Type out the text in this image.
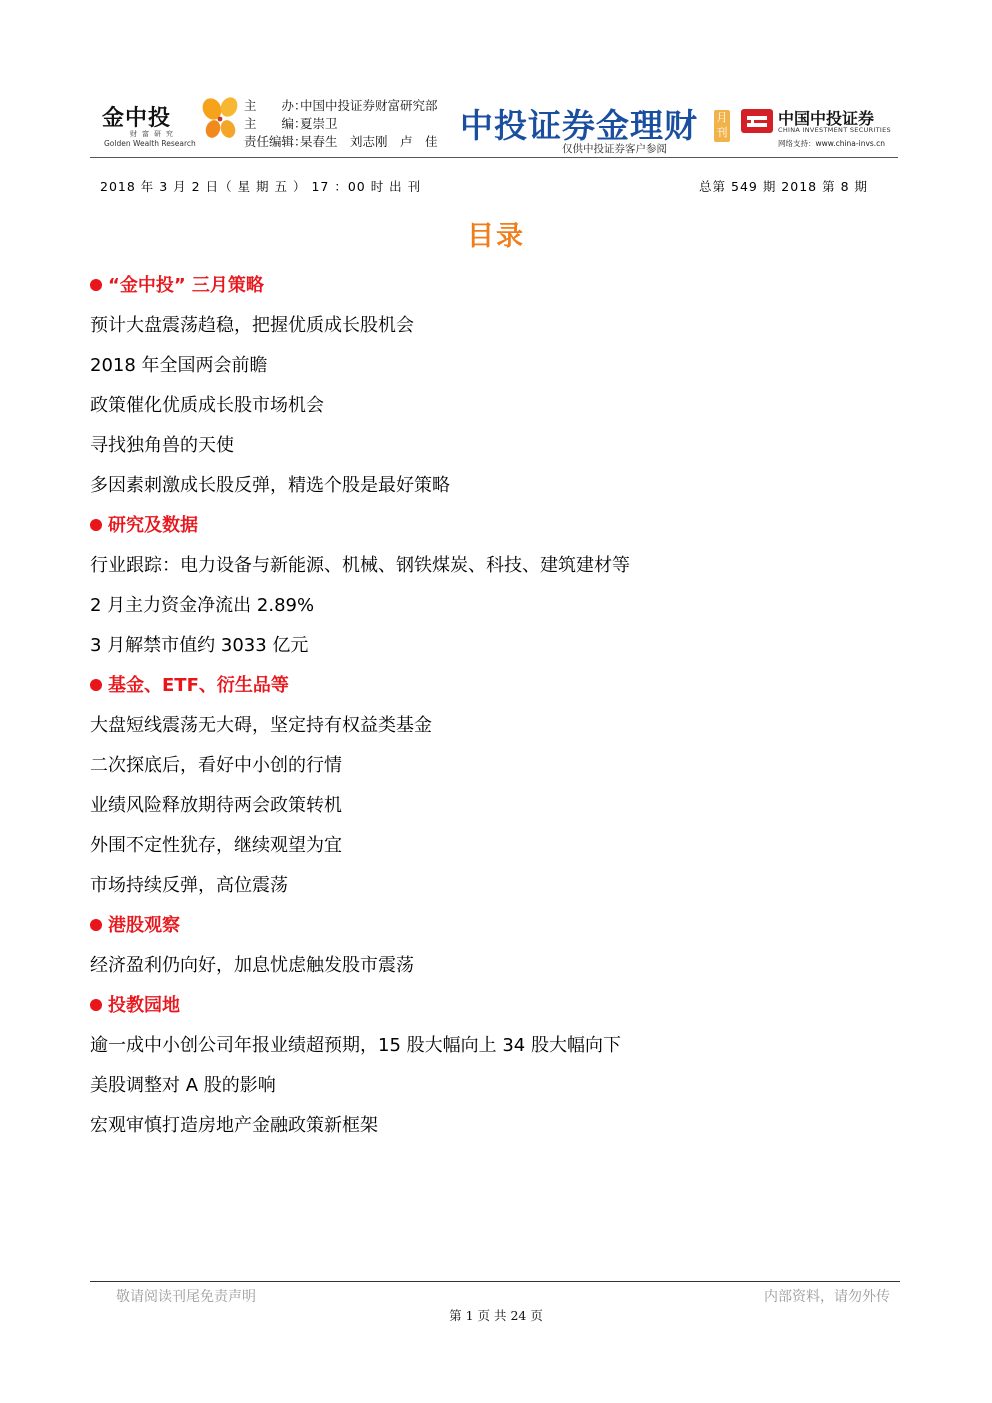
金中投
财富研究
Golden Wealth Research
主　　办：中国中投证券财富研究部
主　　编：夏崇卫
责任编辑：杲春生　刘志刚　卢　佳 中投证券金理财 月刊
仅供中投证券客户参阅
中国中投证券
CHINA INVESTMENT SECURITIES
网络支持：www.china-invs.cn
2018 年 3 月 2 日（ 星 期 五 ） 17 ：00 时 出 刊	总第 549 期 2018 第 8 期
目录
“金中投” 三月策略
预计大盘震荡趋稳，把握优质成长股机会
2018 年全国两会前瞻
政策催化优质成长股市场机会
寻找独角兽的天使
多因素刺激成长股反弹，精选个股是最好策略
研究及数据
行业跟踪：电力设备与新能源、机械、钢铁煤炭、科技、建筑建材等
2 月主力资金净流出 2.89%
3 月解禁市值约 3033 亿元
基金、ETF、衍生品等
大盘短线震荡无大碍，坚定持有权益类基金
二次探底后，看好中小创的行情
业绩风险释放期待两会政策转机
外围不定性犹存，继续观望为宜
市场持续反弹，高位震荡
港股观察
经济盈利仍向好，加息忧虑触发股市震荡
投教园地
逾一成中小创公司年报业绩超预期，15 股大幅向上 34 股大幅向下
美股调整对 A 股的影响
宏观审慎打造房地产金融政策新框架
敬请阅读刊尾免责声明	内部资料，请勿外传
第 1 页 共 24 页
